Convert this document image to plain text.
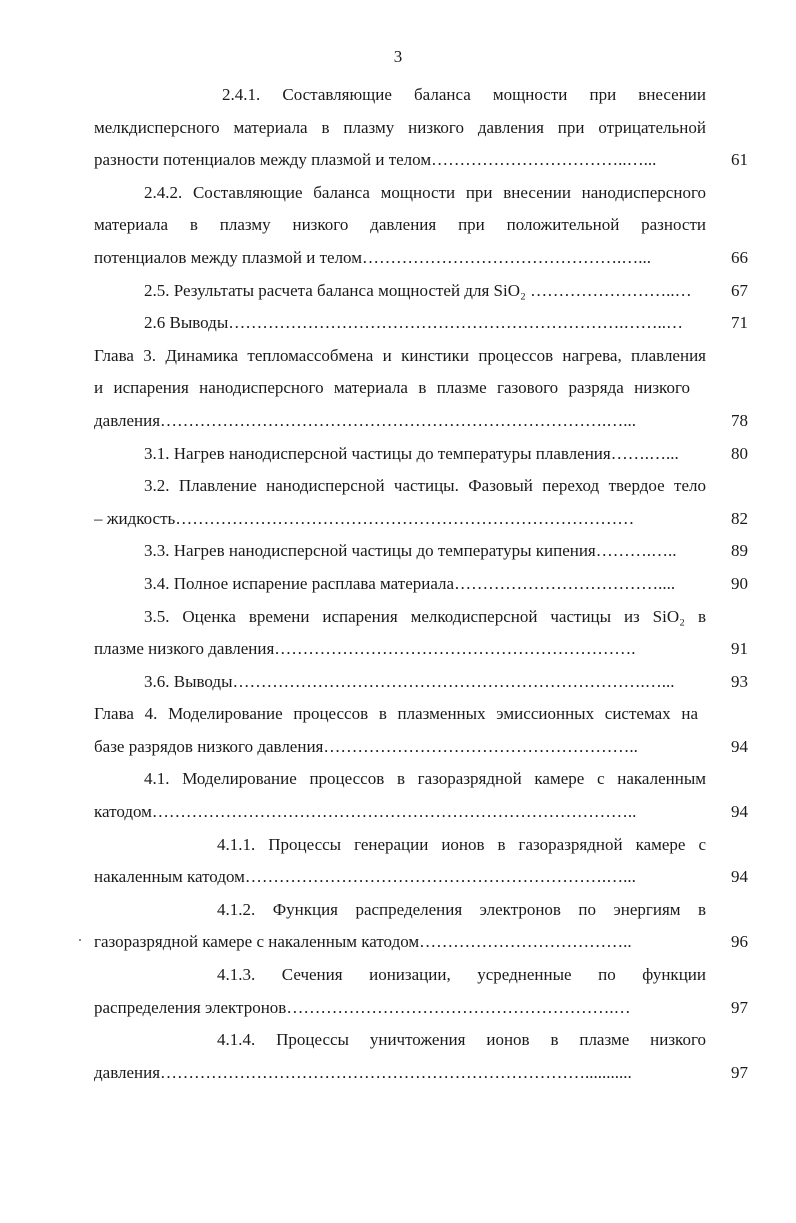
3
2.4.1. Составляющие баланса мощности при внесении
мелкдисперсного материала в плазму низкого давления при отрицательной
разности потенциалов между плазмой и телом……………………………..…...	61
2.4.2. Составляющие баланса мощности при внесении нанодисперсного
материала в плазму низкого давления при положительной разности
потенциалов между плазмой и телом……………………………………….…...	66
2.5. Результаты расчета баланса мощностей для SiO₂ ……………………..…	67
2.6 Выводы…………………………………………………………….……..…	71
Глава 3. Динамика тепломассобмена и кинстики процессов нагрева, плавления
и испарения нанодисперсного материала в плазме газового разряда низкого
давления…………………………………………………………………….…...	78
3.1. Нагрев нанодисперсной частицы до температуры плавления…….…...	80
3.2. Плавление нанодисперсной частицы. Фазовый переход твердое тело
– жидкость………………………………………………………………………	82
3.3. Нагрев нанодисперсной частицы до температуры кипения……….…..	89
3.4. Полное испарение расплава материала………………………………....	90
3.5. Оценка времени испарения мелкодисперсной частицы из SiO₂ в
плазме низкого давления……………………………………………………….	91
3.6. Выводы……………………………………………………………….…...	93
Глава 4. Моделирование процессов в плазменных эмиссионных системах на
базе разрядов низкого давления………………………………………………..	94
4.1. Моделирование процессов в газоразрядной камере с накаленным
катодом…………………………………………………………………………..	94
4.1.1. Процессы генерации ионов в газоразрядной камере с
накаленным катодом……………………………………………………….…...	94
4.1.2. Функция распределения электронов по энергиям в
газоразрядной камере с накаленным катодом………………………………..	96
4.1.3. Сечения ионизации, усредненные по функции
распределения электронов………………………………………………….…	97
4.1.4. Процессы уничтожения ионов в плазме низкого
давления…………………………………………………………………...........	97
